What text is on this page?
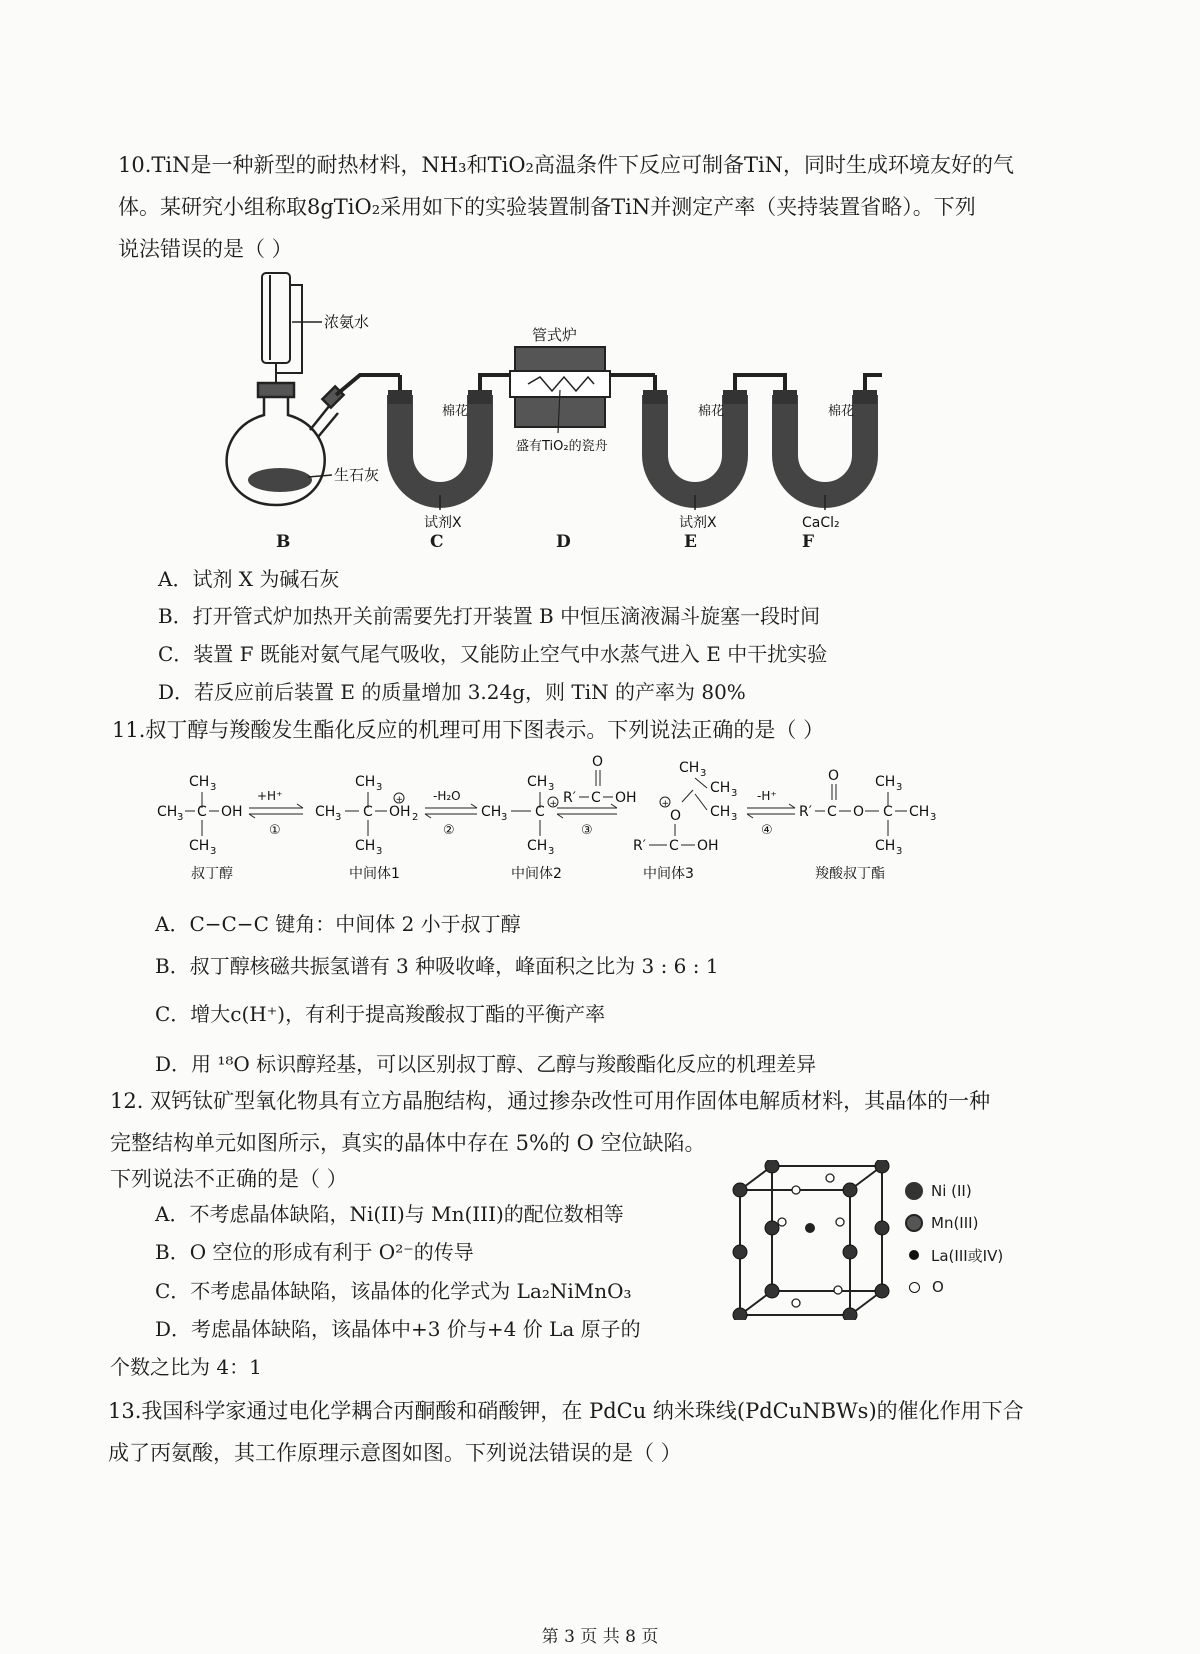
10.TiN是一种新型的耐热材料，NH₃和TiO₂高温条件下反应可制备TiN，同时生成环境友好的气

体。某研究小组称取8gTiO₂采用如下的实验装置制备TiN并测定产率（夹持装置省略）。下列

说法错误的是（ ）

浓氨水
生石灰
试剂X
棉花
管式炉
盛有TiO₂的瓷舟
试剂X
棉花
CaCl₂
棉花
B	C	D	E	F
A．试剂 X 为碱石灰
B．打开管式炉加热开关前需要先打开装置 B 中恒压滴液漏斗旋塞一段时间
C．装置 F 既能对氨气尾气吸收，又能防止空气中水蒸气进入 E 中干扰实验
D．若反应前后装置 E 的质量增加 3.24g，则 TiN 的产率为 80%
11.叔丁醇与羧酸发生酯化反应的机理可用下图表示。下列说法正确的是（ ）
CH 3
CH 3 C OH
CH 3
+H⁺
①
CH 3
CH 3 C OH 2
+
CH 3
-H₂O
②
CH 3
CH 3 C +
CH 3
③
R′ C OH
O	CH 3
CH 3
CH 3
+
O
R′ C OH
-H⁺
④
R′ C
O
O C
CH 3
CH 3
CH 3
叔丁醇	中间体1	中间体2	中间体3	羧酸叔丁酯
A．C−C−C 键角：中间体 2 小于叔丁醇
B．叔丁醇核磁共振氢谱有 3 种吸收峰，峰面积之比为 3 : 6 : 1
C．增大c(H⁺)，有利于提高羧酸叔丁酯的平衡产率
D．用 ¹⁸O 标识醇羟基，可以区别叔丁醇、乙醇与羧酸酯化反应的机理差异

12. 双钙钛矿型氧化物具有立方晶胞结构，通过掺杂改性可用作固体电解质材料，其晶体的一种

完整结构单元如图所示，真实的晶体中存在 5%的 O 空位缺陷。

下列说法不正确的是（ ）

A．不考虑晶体缺陷，Ni(II)与 Mn(III)的配位数相等
B．O 空位的形成有利于 O²⁻的传导
C．不考虑晶体缺陷，该晶体的化学式为 La₂NiMnO₃
D．考虑晶体缺陷，该晶体中+3 价与+4 价 La 原子的
个数之比为 4：1
Ni (II)
Mn(III)
La(III或IV)
O

13.我国科学家通过电化学耦合丙酮酸和硝酸钾，在 PdCu 纳米珠线(PdCuNBWs)的催化作用下合

成了丙氨酸，其工作原理示意图如图。下列说法错误的是（ ）

第 3 页 共 8 页
